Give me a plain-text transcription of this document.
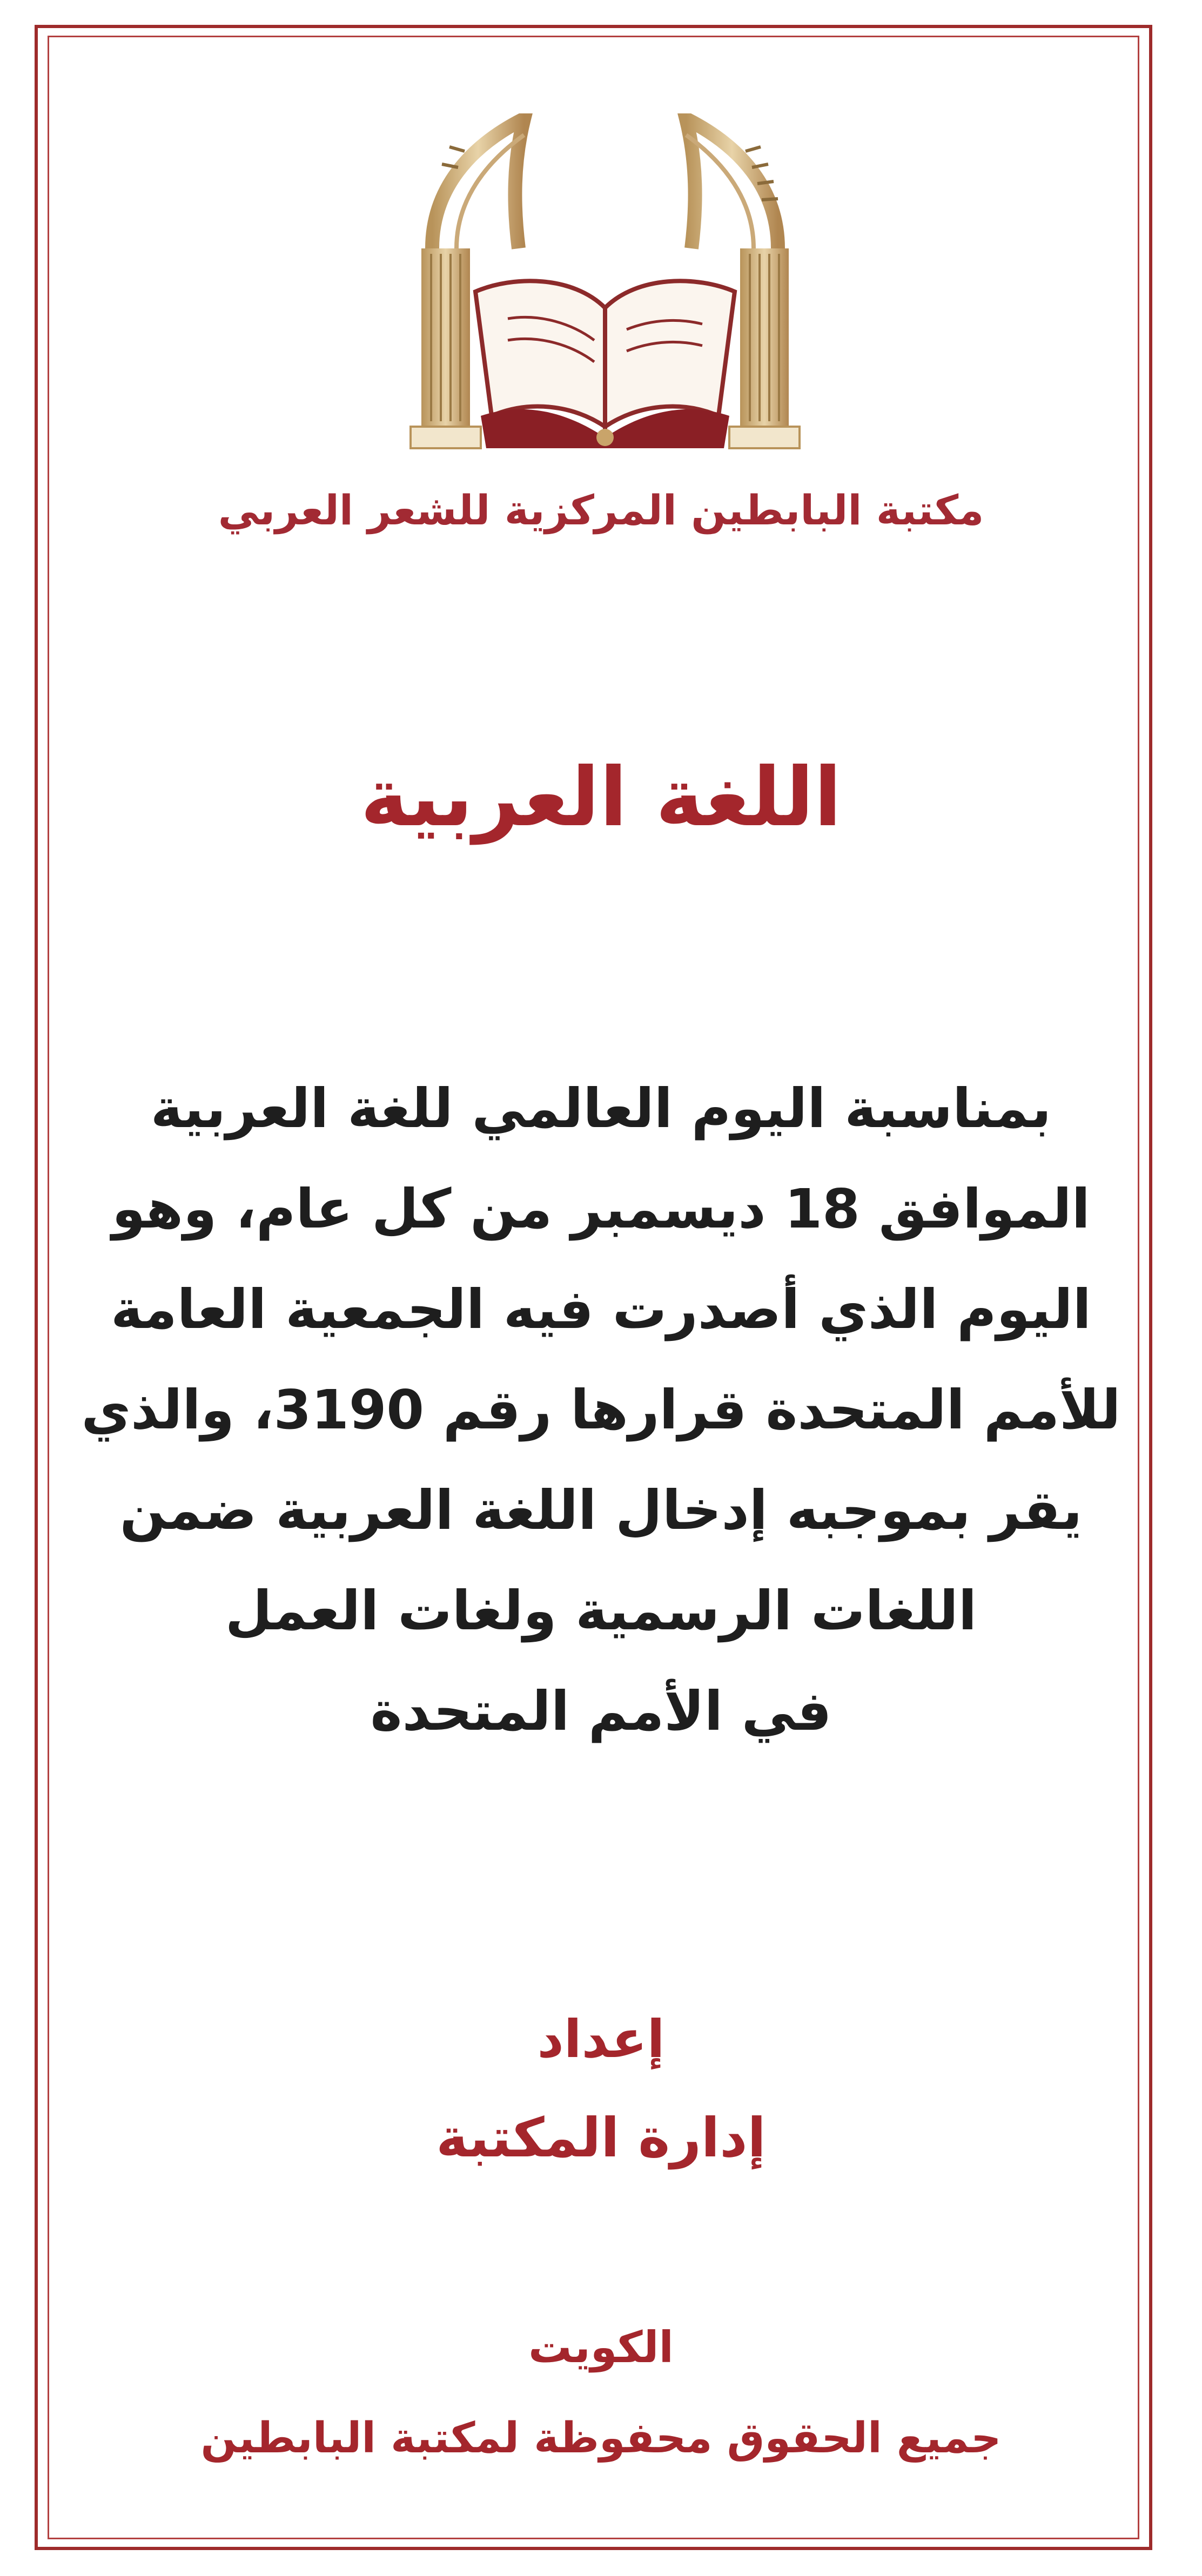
مكتبة البابطين المركزية للشعر العربي

اللغة العربية
بمناسبة اليوم العالمي للغة العربية
الموافق 18 ديسمبر من كل عام، وهو
اليوم الذي أصدرت فيه الجمعية العامة
للأمم المتحدة قرارها رقم 3190، والذي
يقر بموجبه إدخال اللغة العربية ضمن
اللغات الرسمية ولغات العمل
في الأمم المتحدة

إعداد

إدارة المكتبة

الكويت

جميع الحقوق محفوظة لمكتبة البابطين
